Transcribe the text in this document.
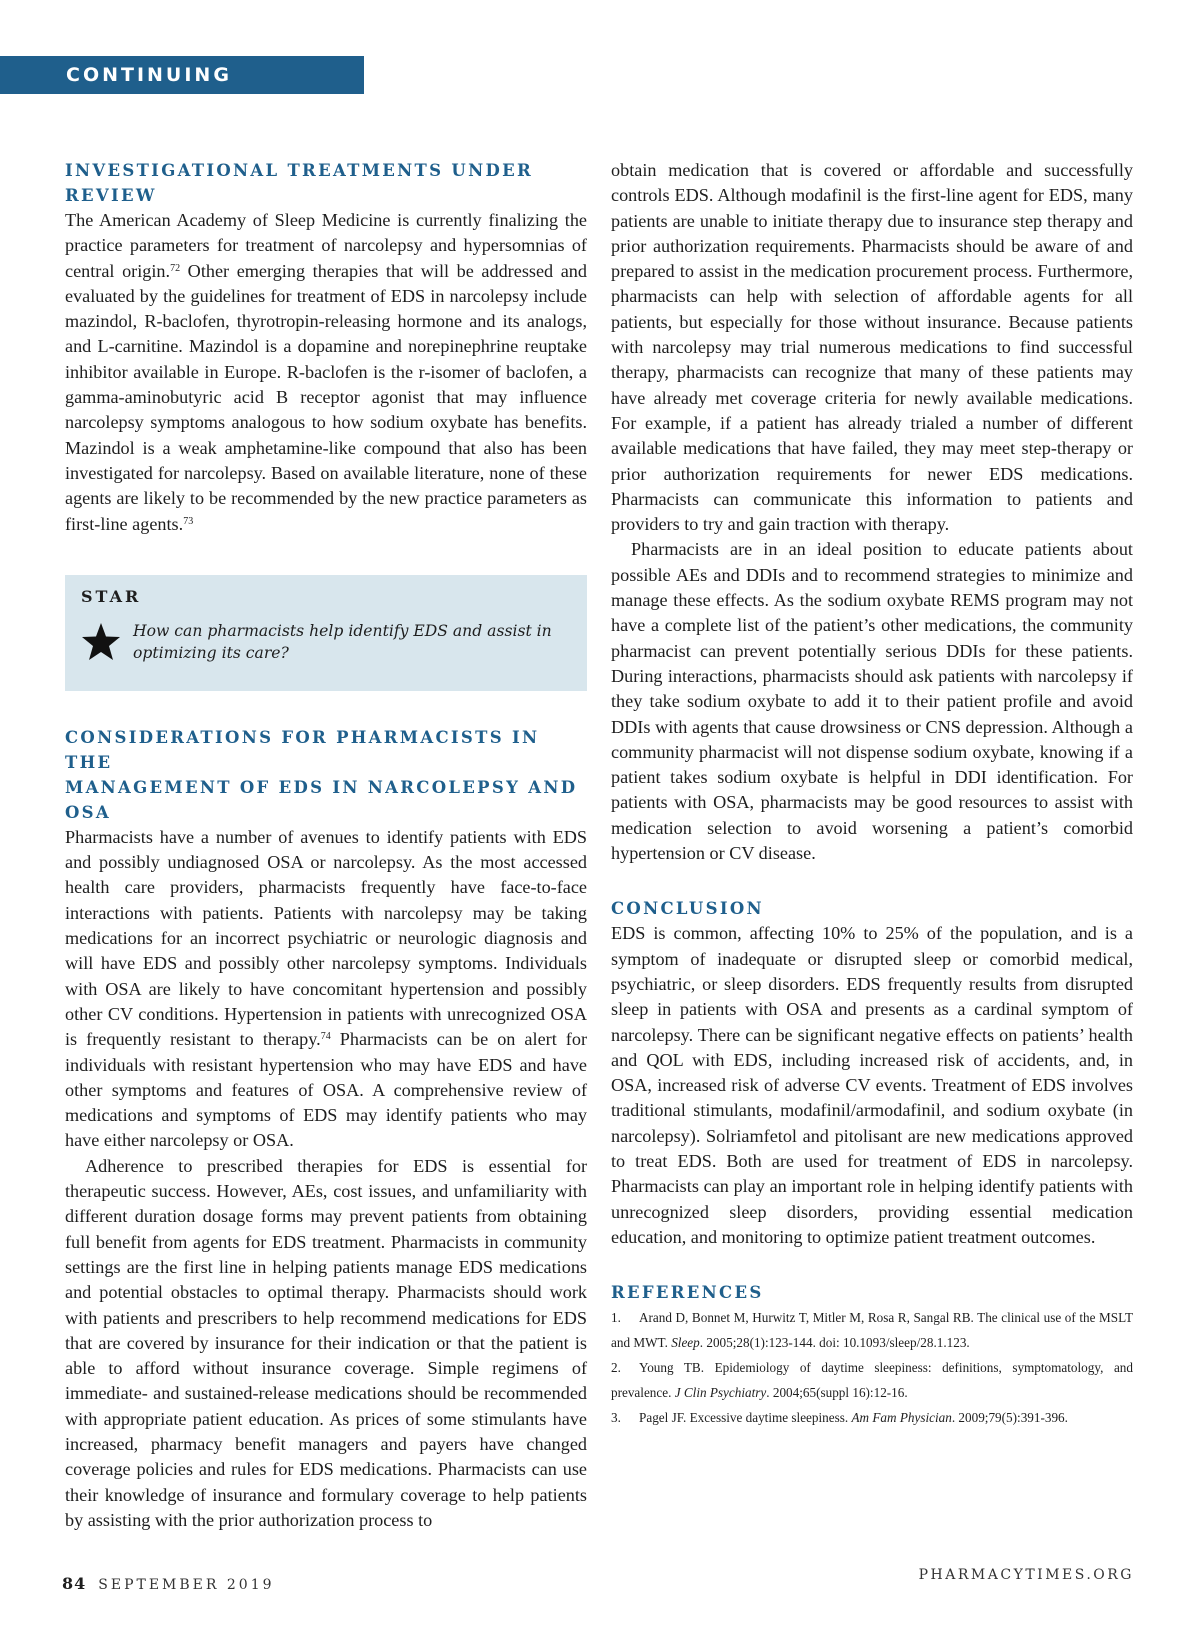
CONTINUING EDUCATION
INVESTIGATIONAL TREATMENTS UNDER REVIEW

The American Academy of Sleep Medicine is currently finalizing the practice parameters for treatment of narcolepsy and hypersomnias of central origin.$^{72}$ Other emerging therapies that will be addressed and evaluated by the guidelines for treatment of EDS in narcolepsy include mazindol, R-baclofen, thyrotropin-releasing hormone and its analogs, and L-carnitine. Mazindol is a dopamine and norepinephrine reuptake inhibitor available in Europe. R-baclofen is the r-isomer of baclofen, a gamma-aminobutyric acid B receptor agonist that may influence narcolepsy symptoms analogous to how sodium oxybate has benefits. Mazindol is a weak amphetamine-like compound that also has been investigated for narcolepsy. Based on available literature, none of these agents are likely to be recommended by the new practice parameters as first-line agents.$^{73}$

STAR
How can pharmacists help identify EDS and assist in optimizing its care?
CONSIDERATIONS FOR PHARMACISTS IN THE
MANAGEMENT OF EDS IN NARCOLEPSY AND OSA

Pharmacists have a number of avenues to identify patients with EDS and possibly undiagnosed OSA or narcolepsy. As the most accessed health care providers, pharmacists frequently have face-to-face interactions with patients. Patients with narcolepsy may be taking medications for an incorrect psychiatric or neurologic diagnosis and will have EDS and possibly other narcolepsy symptoms. Individuals with OSA are likely to have concomitant hypertension and possibly other CV conditions. Hypertension in patients with unrecognized OSA is frequently resistant to therapy.$^{74}$ Pharmacists can be on alert for individuals with resistant hypertension who may have EDS and have other symptoms and features of OSA. A comprehensive review of medications and symptoms of EDS may identify patients who may have either narcolepsy or OSA.

Adherence to prescribed therapies for EDS is essential for therapeutic success. However, AEs, cost issues, and unfamiliarity with different duration dosage forms may prevent patients from obtaining full benefit from agents for EDS treatment. Pharmacists in community settings are the first line in helping patients manage EDS medications and potential obstacles to optimal therapy. Pharmacists should work with patients and prescribers to help recommend medications for EDS that are covered by insurance for their indication or that the patient is able to afford without insurance coverage. Simple regimens of immediate- and sustained-release medications should be recommended with appropriate patient education. As prices of some stimulants have increased, pharmacy benefit managers and payers have changed coverage policies and rules for EDS medications. Pharmacists can use their knowledge of insurance and formulary coverage to help patients by assisting with the prior authorization process to

obtain medication that is covered or affordable and successfully controls EDS. Although modafinil is the first-line agent for EDS, many patients are unable to initiate therapy due to insurance step therapy and prior authorization requirements. Pharmacists should be aware of and prepared to assist in the medication procurement process. Furthermore, pharmacists can help with selection of affordable agents for all patients, but especially for those without insurance. Because patients with narcolepsy may trial numerous medications to find successful therapy, pharmacists can recognize that many of these patients may have already met coverage criteria for newly available medications. For example, if a patient has already trialed a number of different available medications that have failed, they may meet step-therapy or prior authorization requirements for newer EDS medications. Pharmacists can communicate this information to patients and providers to try and gain traction with therapy.

Pharmacists are in an ideal position to educate patients about possible AEs and DDIs and to recommend strategies to minimize and manage these effects. As the sodium oxybate REMS program may not have a complete list of the patient’s other medications, the community pharmacist can prevent potentially serious DDIs for these patients. During interactions, pharmacists should ask patients with narcolepsy if they take sodium oxybate to add it to their patient profile and avoid DDIs with agents that cause drowsiness or CNS depression. Although a community pharmacist will not dispense sodium oxybate, knowing if a patient takes sodium oxybate is helpful in DDI identification. For patients with OSA, pharmacists may be good resources to assist with medication selection to avoid worsening a patient’s comorbid hypertension or CV disease.

CONCLUSION

EDS is common, affecting 10% to 25% of the population, and is a symptom of inadequate or disrupted sleep or comorbid medical, psychiatric, or sleep disorders. EDS frequently results from disrupted sleep in patients with OSA and presents as a cardinal symptom of narcolepsy. There can be significant negative effects on patients’ health and QOL with EDS, including increased risk of accidents, and, in OSA, increased risk of adverse CV events. Treatment of EDS involves traditional stimulants, modafinil/armodafinil, and sodium oxybate (in narcolepsy). Solriamfetol and pitolisant are new medications approved to treat EDS. Both are used for treatment of EDS in narcolepsy. Pharmacists can play an important role in helping identify patients with unrecognized sleep disorders, providing essential medication education, and monitoring to optimize patient treatment outcomes.

REFERENCES
1. Arand D, Bonnet M, Hurwitz T, Mitler M, Rosa R, Sangal RB. The clinical use of the MSLT and MWT. Sleep. 2005;28(1):123-144. doi: 10.1093/sleep/28.1.123.
2. Young TB. Epidemiology of daytime sleepiness: definitions, symptomatology, and prevalence. J Clin Psychiatry. 2004;65(suppl 16):12-16.
3. Pagel JF. Excessive daytime sleepiness. Am Fam Physician. 2009;79(5):391-396.
84 SEPTEMBER 2019
PHARMACYTIMES.ORG
